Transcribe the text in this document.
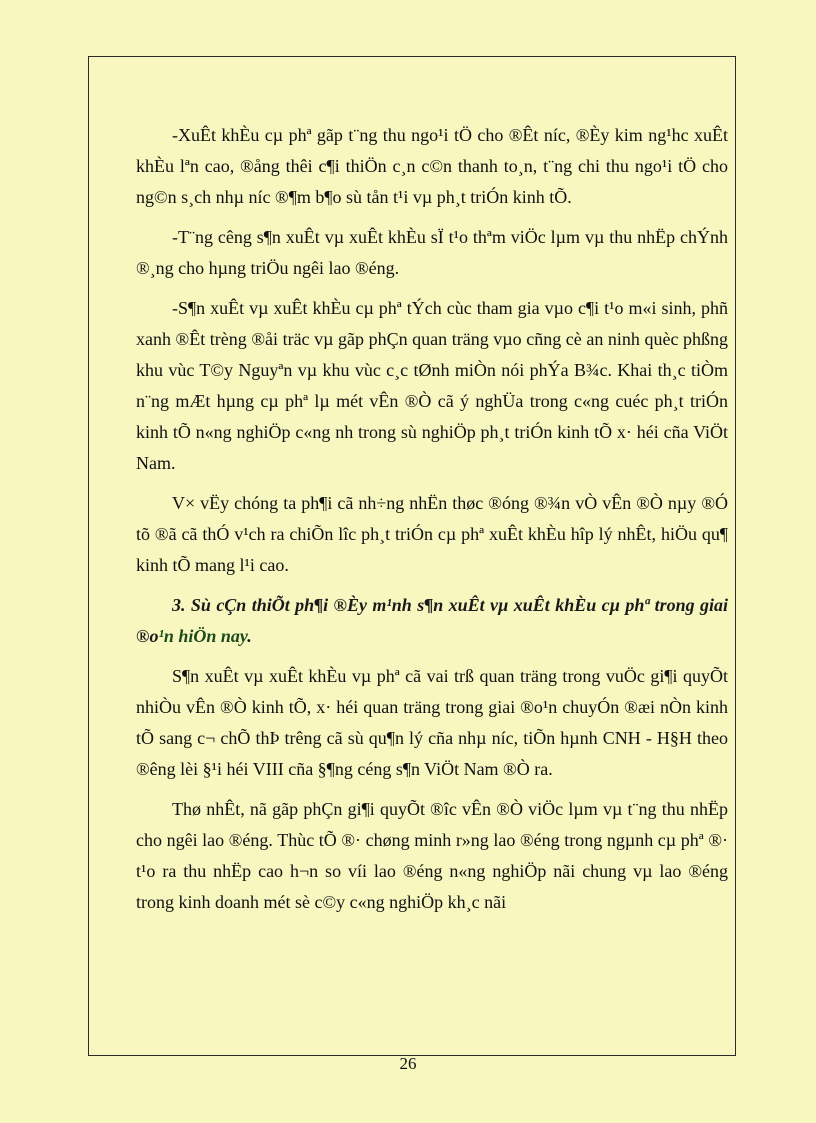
-XuÊt khÈu cµ phª gãp t¨ng thu ngo¹i tÖ cho ®Êt níc, ®Èy kim ng¹hc xuÊt khÈu lªn cao, ®ång thêi c¶i thiÖn c¸n c©n thanh to¸n, t¨ng chi thu ngo¹i tÖ cho ng©n s¸ch nhµ níc ®¶m b¶o sù tån t¹i vµ ph¸t triÓn kinh tÕ.

-T¨ng cêng s¶n xuÊt vµ xuÊt khÈu sÏ t¹o thªm viÖc lµm vµ thu nhËp chÝnh ®¸ng cho hµng triÖu ngêi lao ®éng.

-S¶n xuÊt vµ xuÊt khÈu cµ phª tÝch cùc tham gia vµo c¶i t¹o m«i sinh, phñ xanh ®Êt trèng ®åi träc vµ gãp phÇn quan träng vµo cñng cè an ninh quèc phßng khu vùc T©y Nguyªn vµ khu vùc c¸c tØnh miÒn nói phÝa B¾c. Khai th¸c tiÒm n¨ng mÆt hµng cµ phª lµ mét vÊn ®Ò cã ý nghÜa trong c«ng cuéc ph¸t triÓn kinh tÕ n«ng nghiÖp c«ng nh trong sù nghiÖp ph¸t triÓn kinh tÕ x· héi cña ViÖt Nam.

V× vËy chóng ta ph¶i cã nh÷ng nhËn thøc ®óng ®¾n vÒ vÊn ®Ò nµy ®Ó tõ ®ã cã thÓ v¹ch ra chiÕn lîc ph¸t triÓn cµ phª xuÊt khÈu hîp lý nhÊt, hiÖu qu¶ kinh tÕ mang l¹i cao.

3. Sù cÇn thiÕt ph¶i ®Èy m¹nh s¶n xuÊt vµ xuÊt khÈu cµ phª trong giai ®o¹n hiÖn nay.

S¶n xuÊt vµ xuÊt khÈu vµ phª cã vai trß quan träng trong vuÖc gi¶i quyÕt nhiÒu vÊn ®Ò kinh tÕ, x· héi quan träng trong giai ®o¹n chuyÓn ®æi nÒn kinh tÕ sang c¬ chÕ thÞ trêng cã sù qu¶n lý cña nhµ níc, tiÕn hµnh CNH - H§H theo ®êng lèi §¹i héi VIII cña §¶ng céng s¶n ViÖt Nam ®Ò ra.

Thø nhÊt, nã gãp phÇn gi¶i quyÕt ®îc vÊn ®Ò viÖc lµm vµ t¨ng thu nhËp cho ngêi lao ®éng. Thùc tÕ ®· chøng minh r»ng lao ®éng trong ngµnh cµ phª ®· t¹o ra thu nhËp cao h¬n so víi lao ®éng n«ng nghiÖp nãi chung vµ lao ®éng trong kinh doanh mét sè c©y c«ng nghiÖp kh¸c nãi

26
